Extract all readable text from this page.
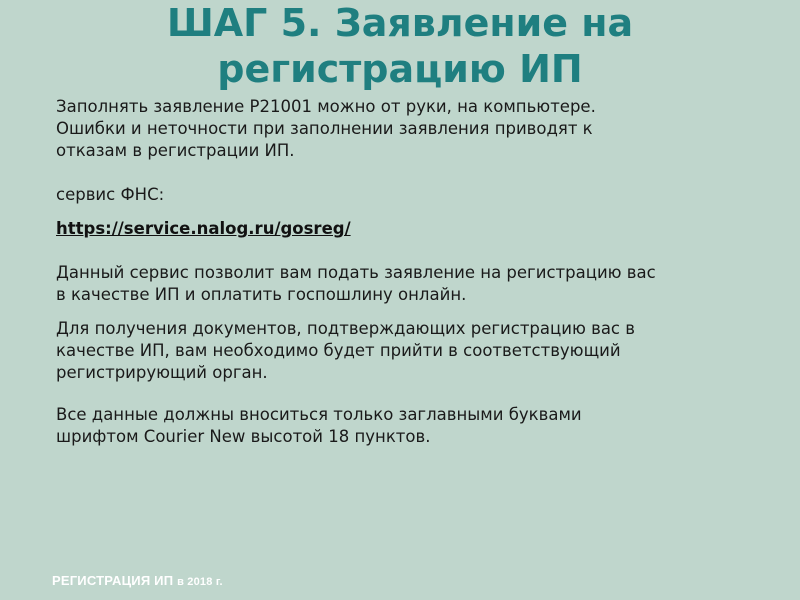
ШАГ 5. Заявление на
регистрацию ИП

Заполнять заявление Р21001 можно от руки, на компьютере.
Ошибки и неточности при заполнении заявления приводят к
отказам в регистрации ИП.

сервис ФНС:

https://service.nalog.ru/gosreg/

Данный сервис позволит вам подать заявление на регистрацию вас
в качестве ИП и оплатить госпошлину онлайн.

Для получения документов, подтверждающих регистрацию вас в
качестве ИП, вам необходимо будет прийти в соответствующий
регистрирующий орган.

Все данные должны вноситься только заглавными буквами
шрифтом Courier New высотой 18 пунктов.

РЕГИСТРАЦИЯ ИП в 2018 г.
